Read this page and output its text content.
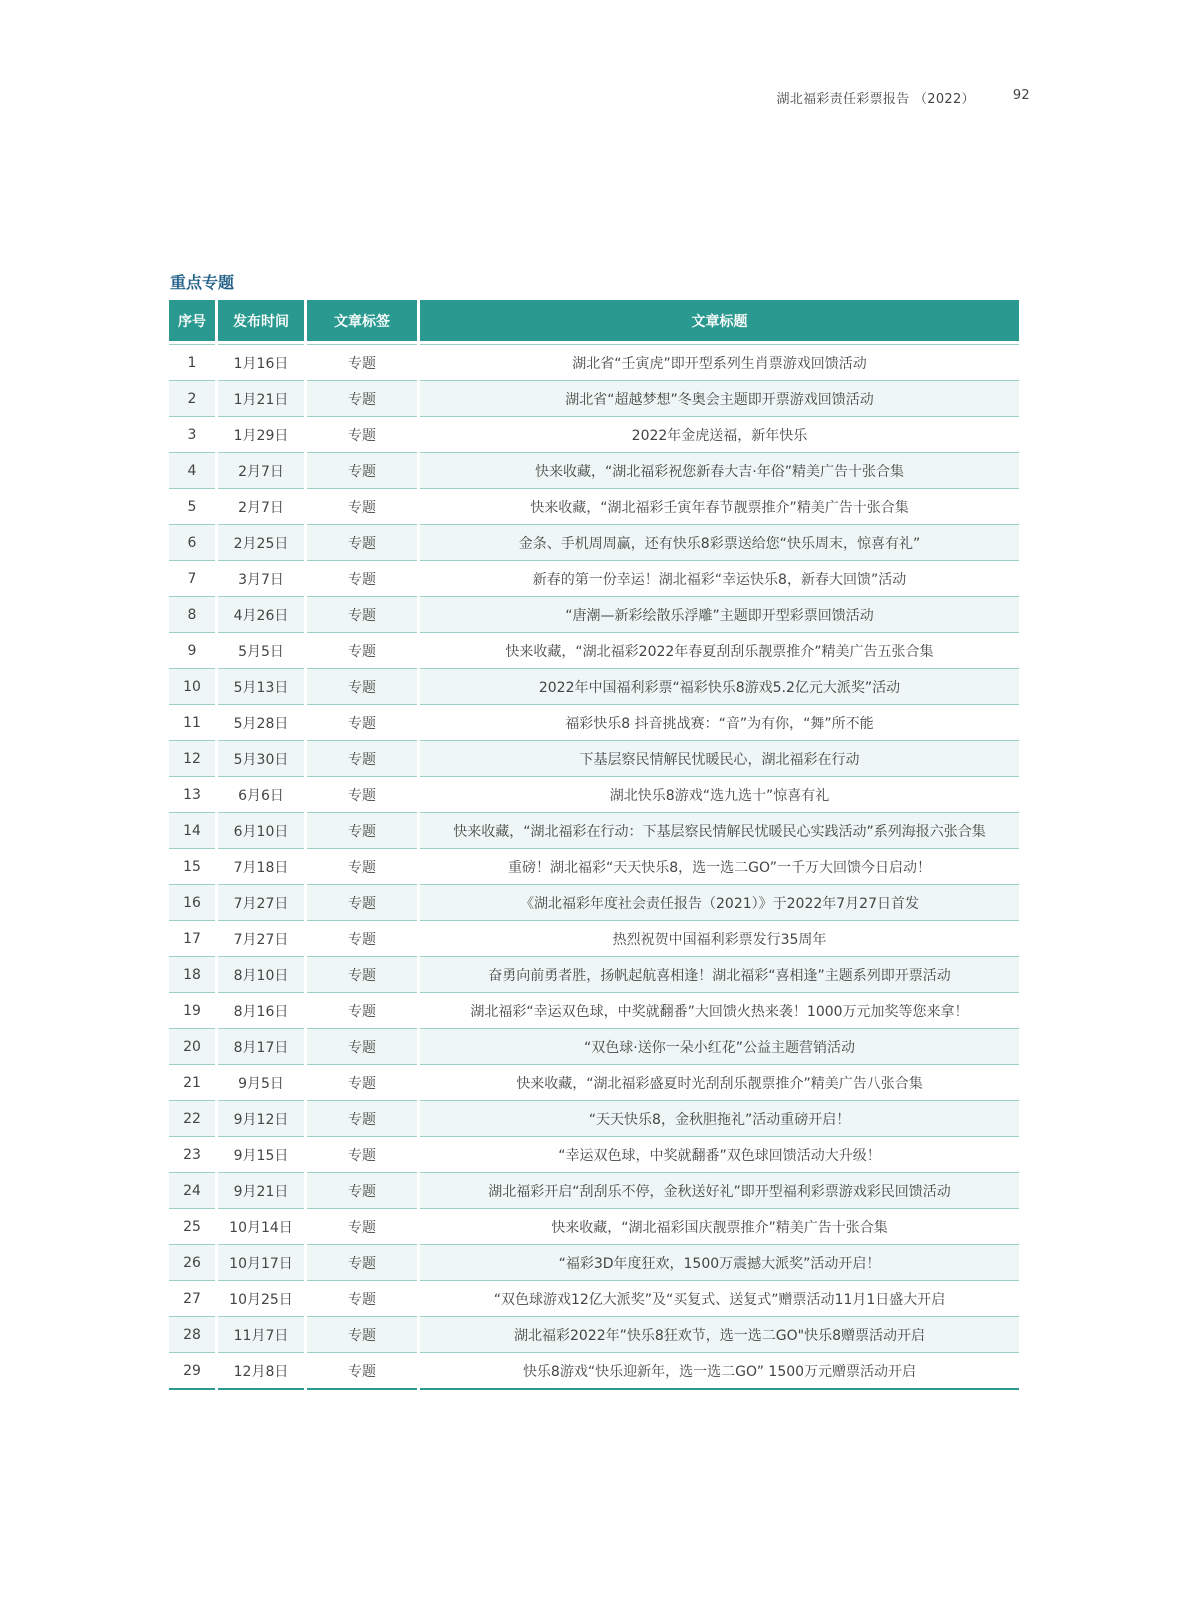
湖北福彩责任彩票报告 （2022）	92
重点专题
序号	发布时间	文章标签	文章标题
1	1月16日	专题	湖北省“壬寅虎”即开型系列生肖票游戏回馈活动
2	1月21日	专题	湖北省“超越梦想”冬奥会主题即开票游戏回馈活动
3	1月29日	专题	2022年金虎送福，新年快乐
4	2月7日	专题	快来收藏，“湖北福彩祝您新春大吉·年俗”精美广告十张合集
5	2月7日	专题	快来收藏，“湖北福彩壬寅年春节靓票推介”精美广告十张合集
6	2月25日	专题	金条、手机周周赢，还有快乐8彩票送给您“快乐周末，惊喜有礼”
7	3月7日	专题	新春的第一份幸运！湖北福彩“幸运快乐8，新春大回馈”活动
8	4月26日	专题	“唐潮—新彩绘散乐浮雕”主题即开型彩票回馈活动
9	5月5日	专题	快来收藏，“湖北福彩2022年春夏刮刮乐靓票推介”精美广告五张合集
10	5月13日	专题	2022年中国福利彩票“福彩快乐8游戏5.2亿元大派奖”活动
11	5月28日	专题	福彩快乐8 抖音挑战赛：“音”为有你，“舞”所不能
12	5月30日	专题	下基层察民情解民忧暖民心，湖北福彩在行动
13	6月6日	专题	湖北快乐8游戏“选九选十”惊喜有礼
14	6月10日	专题	快来收藏，“湖北福彩在行动：下基层察民情解民忧暖民心实践活动”系列海报六张合集
15	7月18日	专题	重磅！湖北福彩“天天快乐8，选一选二GO”一千万大回馈今日启动！
16	7月27日	专题	《湖北福彩年度社会责任报告（2021）》于2022年7月27日首发
17	7月27日	专题	热烈祝贺中国福利彩票发行35周年
18	8月10日	专题	奋勇向前勇者胜，扬帆起航喜相逢！湖北福彩“喜相逢”主题系列即开票活动
19	8月16日	专题	湖北福彩“幸运双色球，中奖就翻番”大回馈火热来袭！1000万元加奖等您来拿！
20	8月17日	专题	“双色球·送你一朵小红花”公益主题营销活动
21	9月5日	专题	快来收藏，“湖北福彩盛夏时光刮刮乐靓票推介”精美广告八张合集
22	9月12日	专题	“天天快乐8，金秋胆拖礼”活动重磅开启！
23	9月15日	专题	“幸运双色球，中奖就翻番”双色球回馈活动大升级！
24	9月21日	专题	湖北福彩开启“刮刮乐不停，金秋送好礼”即开型福利彩票游戏彩民回馈活动
25	10月14日	专题	快来收藏，“湖北福彩国庆靓票推介”精美广告十张合集
26	10月17日	专题	“福彩3D年度狂欢，1500万震撼大派奖”活动开启！
27	10月25日	专题	“双色球游戏12亿大派奖”及“买复式、送复式”赠票活动11月1日盛大开启
28	11月7日	专题	湖北福彩2022年”快乐8狂欢节，选一选二GO"快乐8赠票活动开启
29	12月8日	专题	快乐8游戏“快乐迎新年，选一选二GO” 1500万元赠票活动开启
